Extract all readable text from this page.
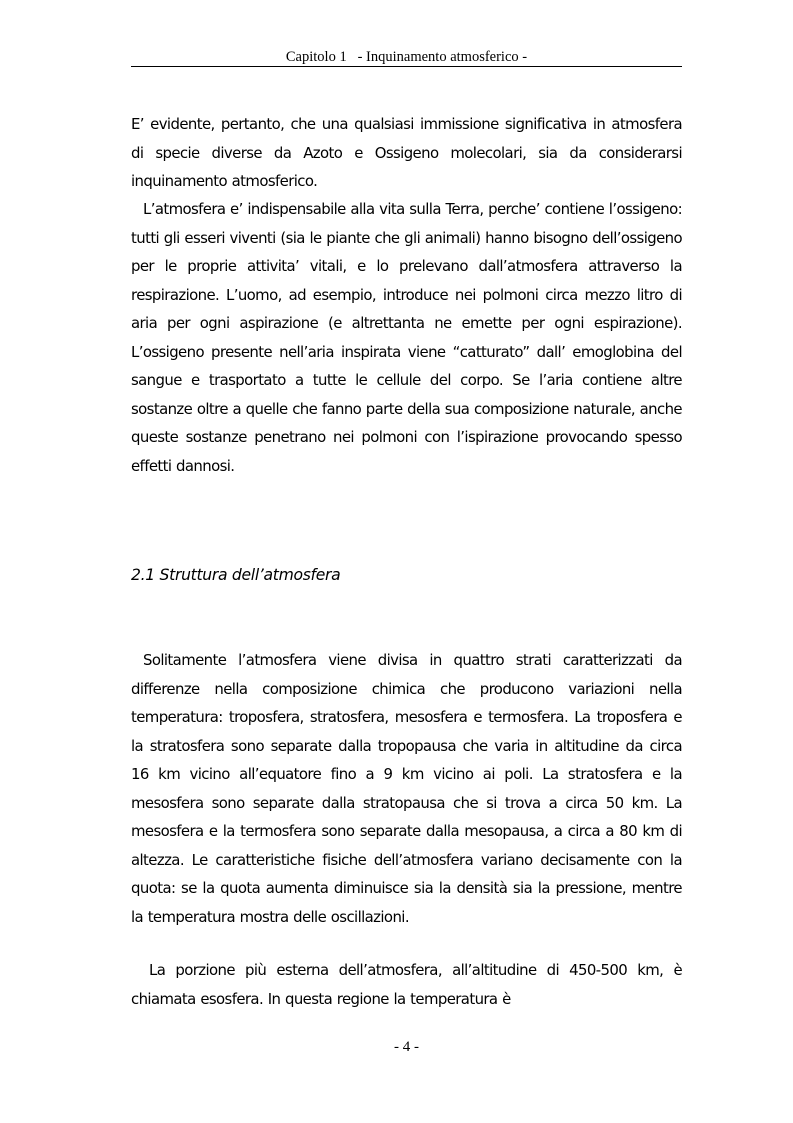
Capitolo 1   - Inquinamento atmosferico -

E’ evidente, pertanto, che una qualsiasi immissione significativa in atmosfera di specie diverse da Azoto e Ossigeno molecolari, sia da considerarsi inquinamento atmosferico.

L’atmosfera e’ indispensabile alla vita sulla Terra, perche’ contiene l’ossigeno: tutti gli esseri viventi (sia le piante che gli animali) hanno bisogno dell’ossigeno per le proprie attivita’ vitali, e lo prelevano dall’atmosfera attraverso la respirazione. L’uomo, ad esempio, introduce nei polmoni circa mezzo litro di aria per ogni aspirazione (e altrettanta ne emette per ogni espirazione). L’ossigeno presente nell’aria inspirata viene “catturato” dall’ emoglobina del sangue e trasportato a tutte le cellule del corpo. Se l’aria contiene altre sostanze oltre a quelle che fanno parte della sua composizione naturale, anche queste sostanze penetrano nei polmoni con l’ispirazione provocando spesso effetti dannosi.

2.1 Struttura dell’atmosfera

Solitamente l’atmosfera viene divisa in quattro strati caratterizzati da differenze nella composizione chimica che producono variazioni nella temperatura: troposfera, stratosfera, mesosfera e termosfera. La troposfera e la stratosfera sono separate dalla tropopausa che varia in altitudine da circa 16 km vicino all’equatore fino a 9 km vicino ai poli. La stratosfera e la mesosfera sono separate dalla stratopausa che si trova a circa 50 km. La mesosfera e la termosfera sono separate dalla mesopausa, a circa a 80 km di altezza. Le caratteristiche fisiche dell’atmosfera variano decisamente con la quota: se la quota aumenta diminuisce sia la densità sia la pressione, mentre la temperatura mostra delle oscillazioni.

La porzione più esterna dell’atmosfera, all’altitudine di 450-500 km, è chiamata esosfera. In questa regione la temperatura è

- 4 -
